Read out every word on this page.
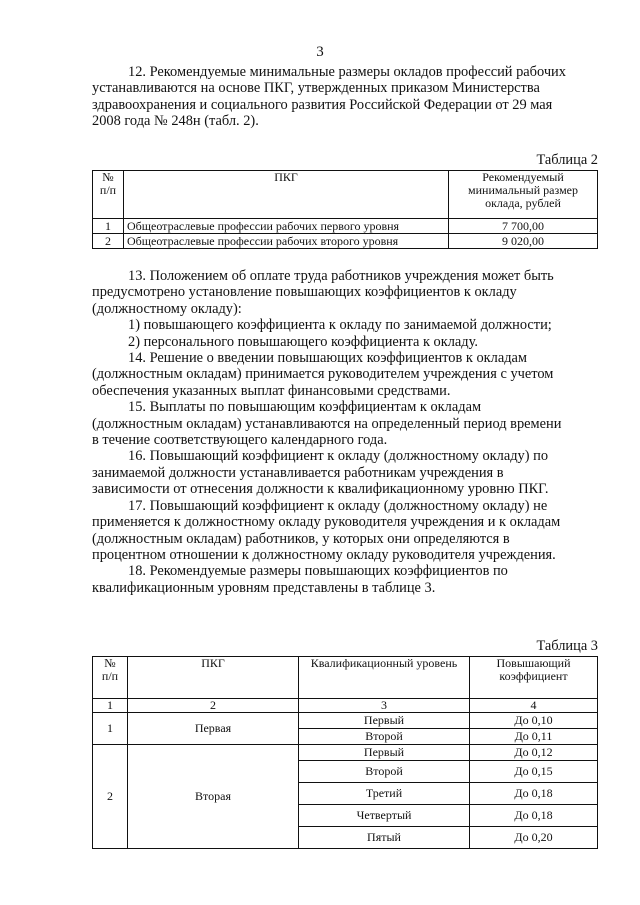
3
12. Рекомендуемые минимальные размеры окладов профессий рабочих
устанавливаются на основе ПКГ, утвержденных приказом Министерства
здравоохранения и социального развития Российской Федерации от 29 мая
2008 года № 248н (табл. 2).
Таблица 2
№
п/п	ПКГ	Рекомендуемый
минимальный размер
оклада, рублей

1	Общеотраслевые профессии рабочих первого уровня	7 700,00
2	Общеотраслевые профессии рабочих второго уровня	9 020,00
13. Положением об оплате труда работников учреждения может быть
предусмотрено установление повышающих коэффициентов к окладу
(должностному окладу):
1) повышающего коэффициента к окладу по занимаемой должности;
2) персонального повышающего коэффициента к окладу.
14. Решение о введении повышающих коэффициентов к окладам
(должностным окладам) принимается руководителем учреждения с учетом
обеспечения указанных выплат финансовыми средствами.
15. Выплаты по повышающим коэффициентам к окладам
(должностным окладам) устанавливаются на определенный период времени
в течение соответствующего календарного года.
16. Повышающий коэффициент к окладу (должностному окладу) по
занимаемой должности устанавливается работникам учреждения в
зависимости от отнесения должности к квалификационному уровню ПКГ.
17. Повышающий коэффициент к окладу (должностному окладу) не
применяется к должностному окладу руководителя учреждения и к окладам
(должностным окладам) работников, у которых они определяются в
процентном отношении к должностному окладу руководителя учреждения.
18. Рекомендуемые размеры повышающих коэффициентов по
квалификационным уровням представлены в таблице 3.
Таблица 3
№
п/п	ПКГ	Квалификационный уровень	Повышающий
коэффициент

1	2	3	4
1	Первая	Первый	До 0,10
		Второй	До 0,11
2	Вторая	Первый	До 0,12
		Второй	До 0,15
		Третий	До 0,18
		Четвертый	До 0,18
		Пятый	До 0,20
